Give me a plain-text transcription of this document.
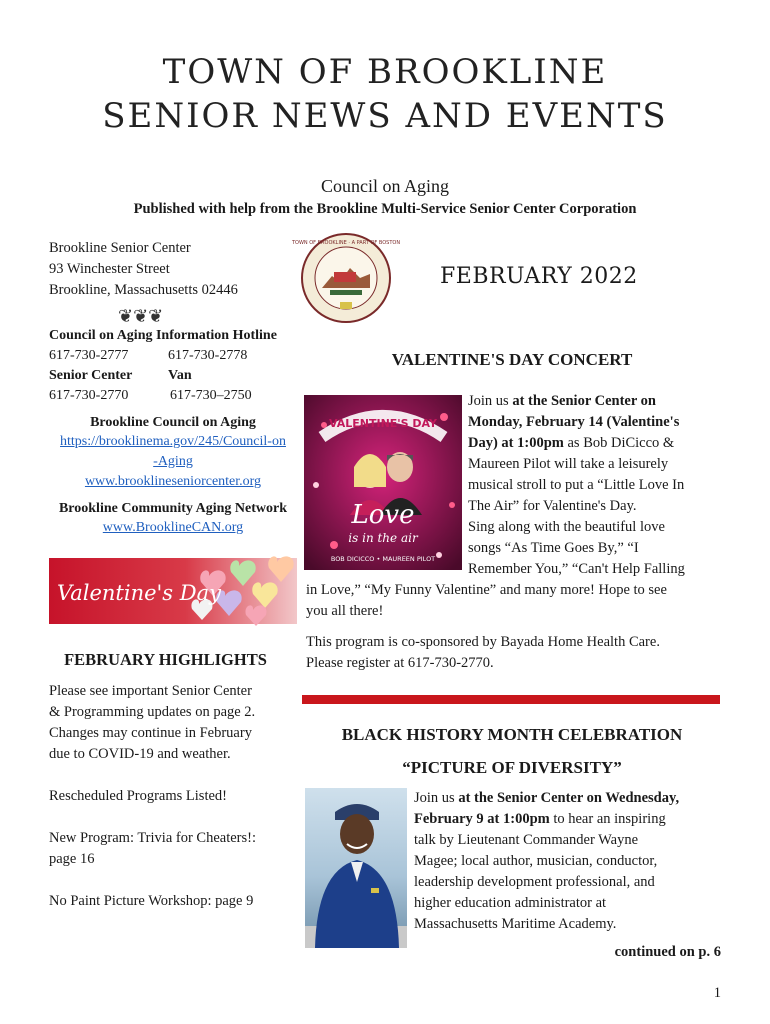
TOWN OF BROOKLINE
SENIOR NEWS AND EVENTS
Council on Aging
Published with help from the Brookline Multi-Service Senior Center Corporation
Brookline Senior Center
93 Winchester Street
Brookline, Massachusetts 02446
❦❦❦
Council on Aging Information Hotline
617-730-2777	617-730-2778
Senior Center	Van
617-730-2770	617-730–2750
Brookline Council on Aging
https://brooklinema.gov/245/Council-on
-Aging
www.brooklineseniorcenter.org
Brookline Community Aging Network
www.BrooklineCAN.org
Valentine's Day
TOWN OF BROOKLINE · A PART OF BOSTON
FEBRUARY 2022
VALENTINE'S DAY CONCERT
VALENTINE'S DAY
Love
is in the air
BOB DICICCO • MAUREEN PILOT
Join us at the Senior Center on
Monday, February 14 (Valentine's
Day) at 1:00pm as Bob DiCicco &
Maureen Pilot will take a leisurely
musical stroll to put a “Little Love In
The Air” for Valentine's Day.
Sing along with the beautiful love
songs “As Time Goes By,” “I
Remember You,” “Can't Help Falling
in Love,” “My Funny Valentine” and many more! Hope to see
you all there!
This program is co-sponsored by Bayada Home Health Care.
Please register at 617-730-2770.
FEBRUARY HIGHLIGHTS
Please see important Senior Center
& Programming updates on page 2.
Changes may continue in February
due to COVID-19 and weather.
Rescheduled Programs Listed!
New Program: Trivia for Cheaters!:
page 16
No Paint Picture Workshop: page 9
BLACK HISTORY MONTH CELEBRATION
“PICTURE OF DIVERSITY”
Join us at the Senior Center on Wednesday,
February 9 at 1:00pm to hear an inspiring
talk by Lieutenant Commander Wayne
Magee; local author, musician, conductor,
leadership development professional, and
higher education administrator at
Massachusetts Maritime Academy.
continued on p. 6
1
